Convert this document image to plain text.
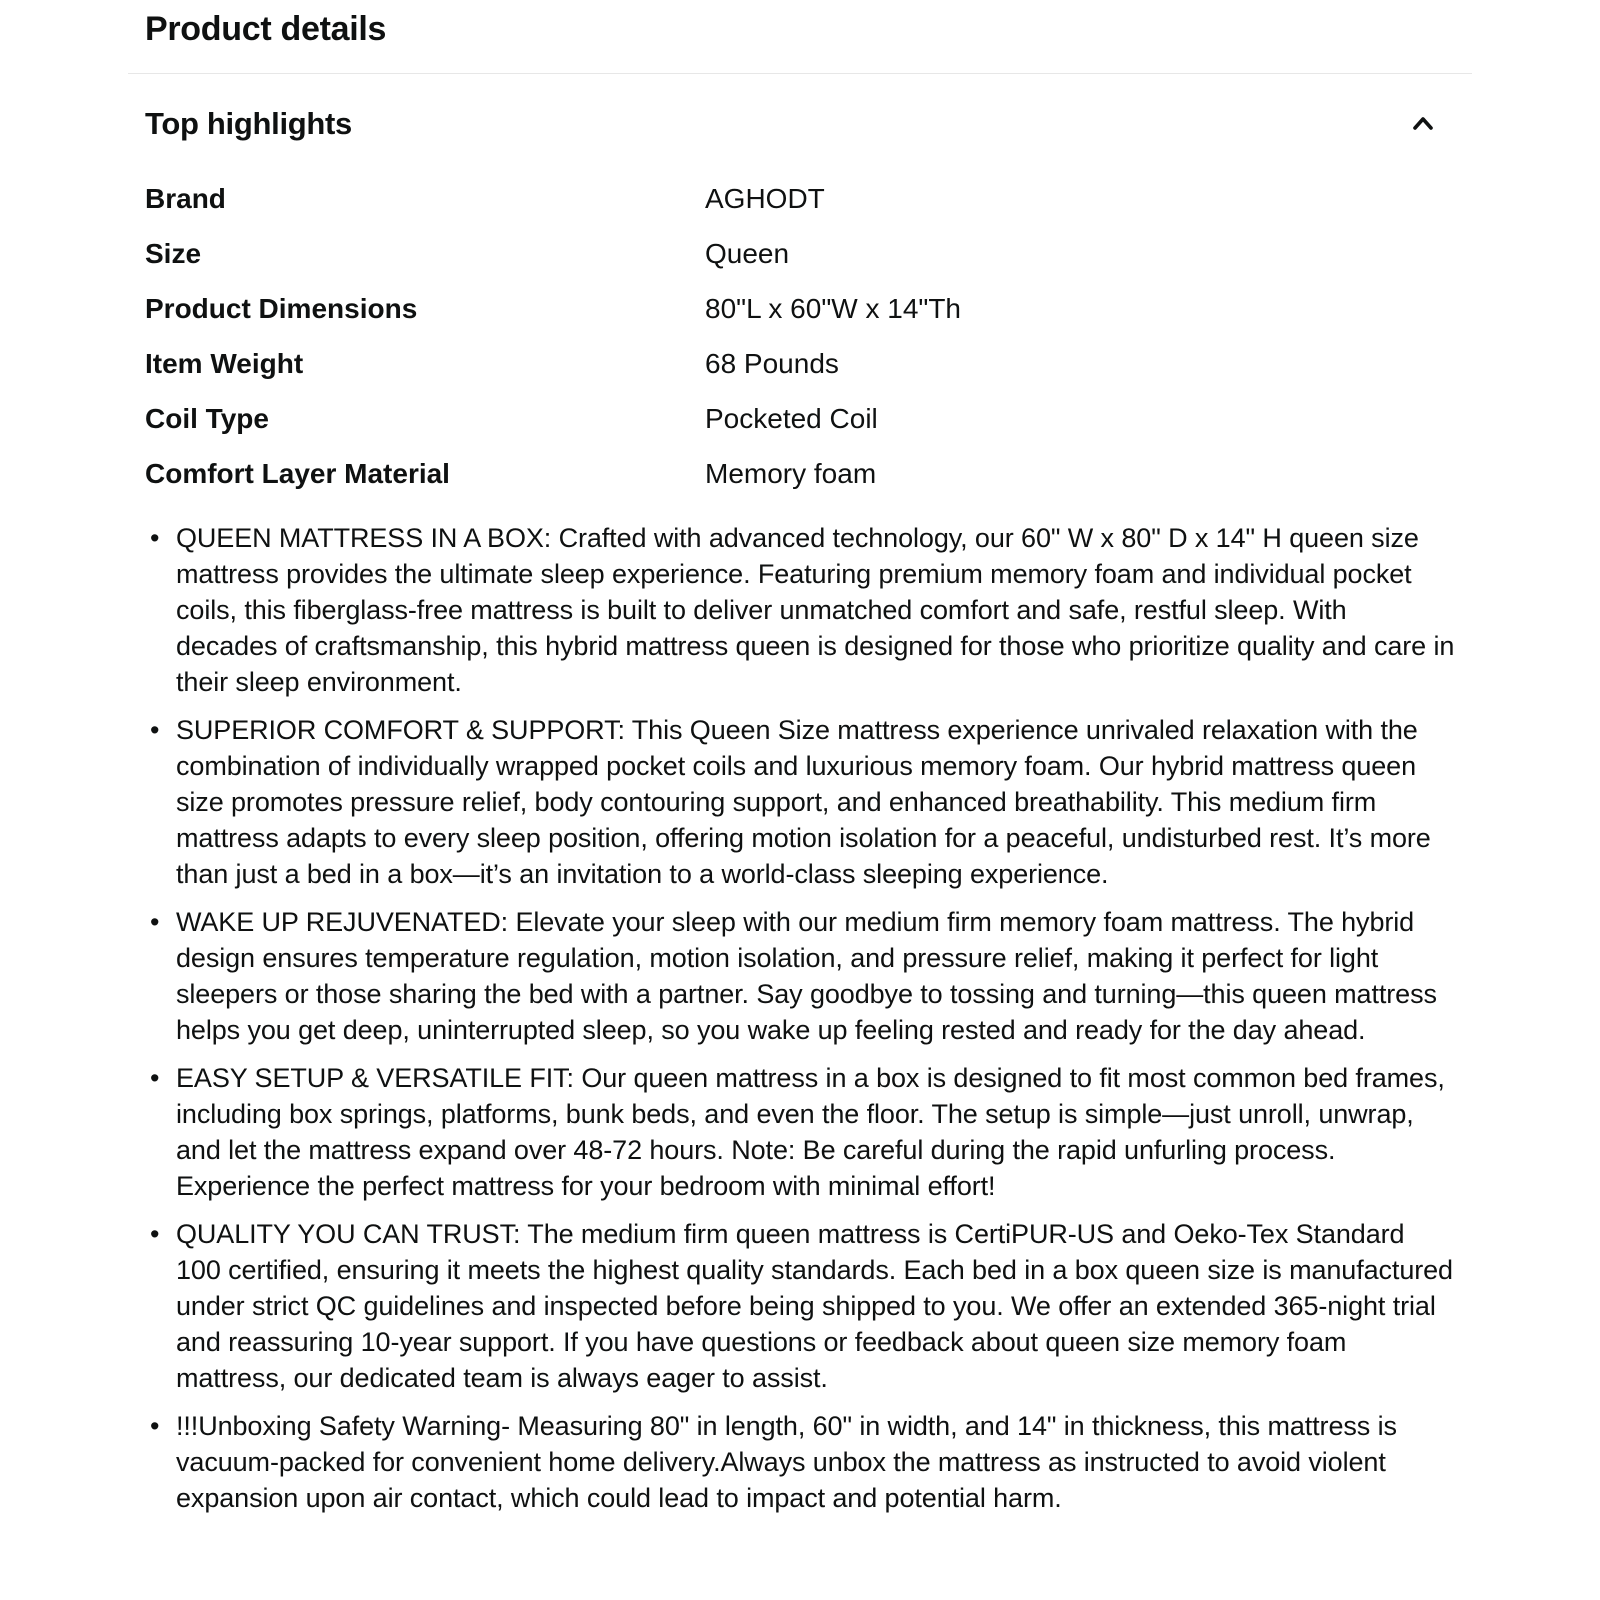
Product details
Top highlights
Brand	AGHODT
Size	Queen
Product Dimensions	80"L x 60"W x 14"Th
Item Weight	68 Pounds
Coil Type	Pocketed Coil
Comfort Layer Material	Memory foam
• QUEEN MATTRESS IN A BOX: Crafted with advanced technology, our 60" W x 80" D x 14" H queen size mattress provides the ultimate sleep experience. Featuring premium memory foam and individual pocket coils, this fiberglass-free mattress is built to deliver unmatched comfort and safe, restful sleep. With decades of craftsmanship, this hybrid mattress queen is designed for those who prioritize quality and care in their sleep environment.
• SUPERIOR COMFORT & SUPPORT: This Queen Size mattress experience unrivaled relaxation with the combination of individually wrapped pocket coils and luxurious memory foam. Our hybrid mattress queen size promotes pressure relief, body contouring support, and enhanced breathability. This medium firm mattress adapts to every sleep position, offering motion isolation for a peaceful, undisturbed rest. It’s more than just a bed in a box—it’s an invitation to a world-class sleeping experience.
• WAKE UP REJUVENATED: Elevate your sleep with our medium firm memory foam mattress. The hybrid design ensures temperature regulation, motion isolation, and pressure relief, making it perfect for light sleepers or those sharing the bed with a partner. Say goodbye to tossing and turning—this queen mattress helps you get deep, uninterrupted sleep, so you wake up feeling rested and ready for the day ahead.
• EASY SETUP & VERSATILE FIT: Our queen mattress in a box is designed to fit most common bed frames, including box springs, platforms, bunk beds, and even the floor. The setup is simple—just unroll, unwrap, and let the mattress expand over 48-72 hours. Note: Be careful during the rapid unfurling process. Experience the perfect mattress for your bedroom with minimal effort!
• QUALITY YOU CAN TRUST: The medium firm queen mattress is CertiPUR-US and Oeko-Tex Standard 100 certified, ensuring it meets the highest quality standards. Each bed in a box queen size is manufactured under strict QC guidelines and inspected before being shipped to you. We offer an extended 365-night trial and reassuring 10-year support. If you have questions or feedback about queen size memory foam mattress, our dedicated team is always eager to assist.
• !!!Unboxing Safety Warning- Measuring 80" in length, 60" in width, and 14" in thickness, this mattress is vacuum-packed for convenient home delivery.Always unbox the mattress as instructed to avoid violent expansion upon air contact, which could lead to impact and potential harm.
